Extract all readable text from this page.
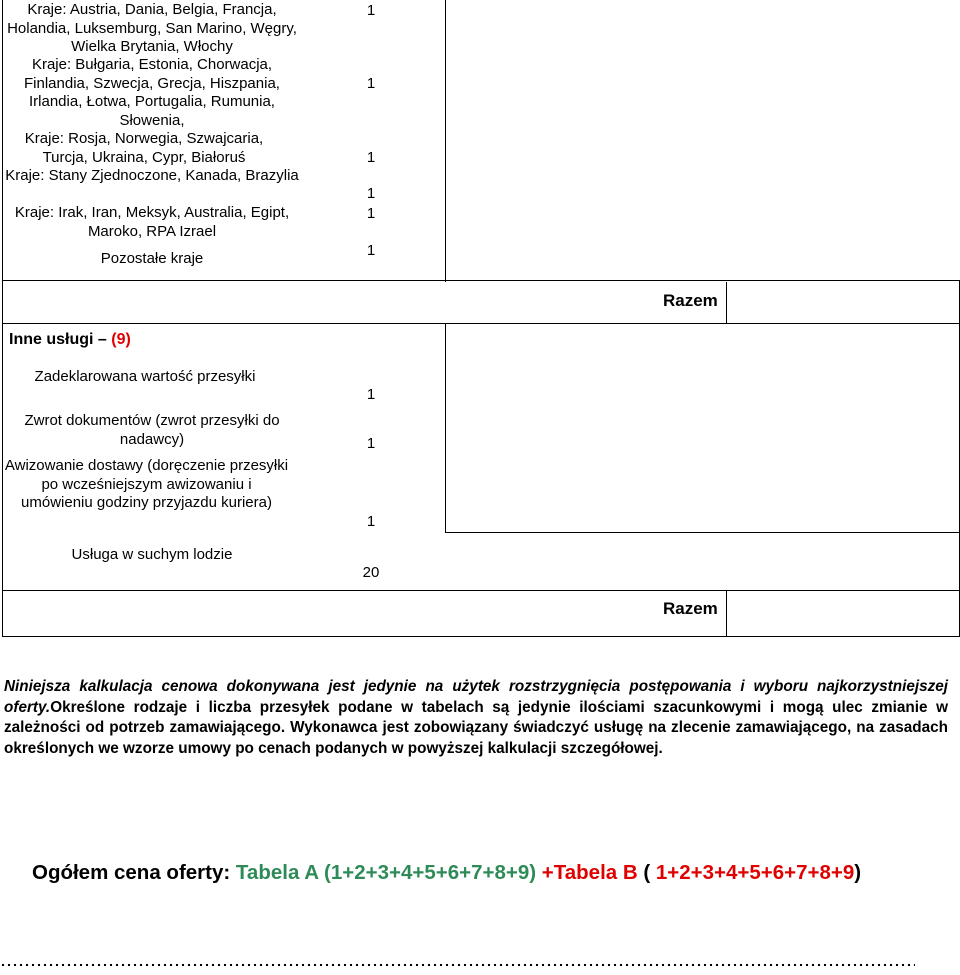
Kraje: Austria, Dania, Belgia, Francja, Holandia, Luksemburg, San Marino, Węgry, Wielka Brytania, Włochy
Kraje: Bułgaria, Estonia, Chorwacja, Finlandia, Szwecja, Grecja, Hiszpania, Irlandia, Łotwa, Portugalia, Rumunia, Słowenia,
Kraje: Rosja, Norwegia, Szwajcaria, Turcja, Ukraina, Cypr, Białoruś
Kraje: Stany Zjednoczone, Kanada, Brazylia
Kraje: Irak, Iran, Meksyk, Australia, Egipt, Maroko, RPA Izrael
Pozostałe kraje
1
1
1
1
1
1
Razem
Inne usługi – (9)
Zadeklarowana wartość przesyłki
Zwrot dokumentów (zwrot przesyłki do nadawcy)
Awizowanie dostawy (doręczenie przesyłki po wcześniejszym awizowaniu i umówieniu godziny przyjazdu kuriera)
Usługa w suchym lodzie
1
1
1
20
Razem
Niniejsza kalkulacja cenowa dokonywana jest jedynie na użytek rozstrzygnięcia postępowania i wyboru najkorzystniejszej oferty.Określone rodzaje i liczba przesyłek podane w tabelach są jedynie ilościami szacunkowymi i mogą ulec zmianie w zależności od potrzeb zamawiającego. Wykonawca jest zobowiązany świadczyć usługę na zlecenie zamawiającego, na zasadach określonych we wzorze umowy po cenach podanych w powyższej kalkulacji szczegółowej.
Ogółem cena oferty: Tabela A (1+2+3+4+5+6+7+8+9) +Tabela B ( 1+2+3+4+5+6+7+8+9)
